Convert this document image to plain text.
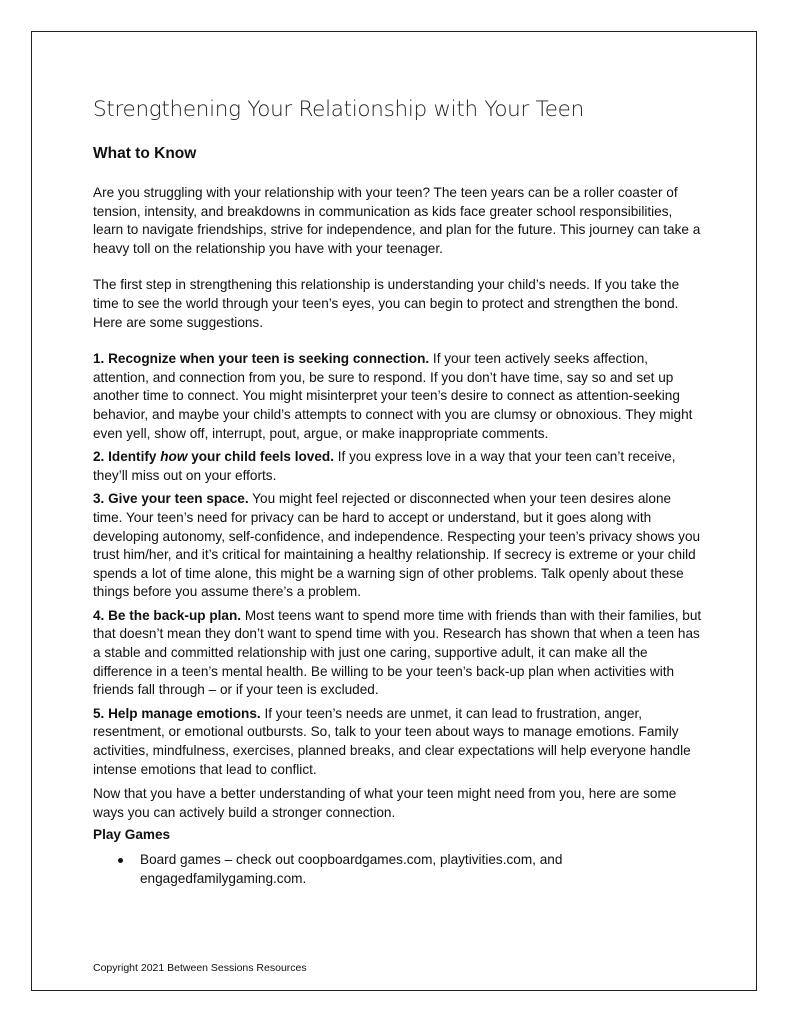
Strengthening Your Relationship with Your Teen
What to Know

Are you struggling with your relationship with your teen? The teen years can be a roller coaster of tension, intensity, and breakdowns in communication as kids face greater school responsibilities, learn to navigate friendships, strive for independence, and plan for the future. This journey can take a heavy toll on the relationship you have with your teenager.

The first step in strengthening this relationship is understanding your child’s needs. If you take the time to see the world through your teen’s eyes, you can begin to protect and strengthen the bond. Here are some suggestions.

1. Recognize when your teen is seeking connection. If your teen actively seeks affection, attention, and connection from you, be sure to respond. If you don’t have time, say so and set up another time to connect. You might misinterpret your teen’s desire to connect as attention-seeking behavior, and maybe your child’s attempts to connect with you are clumsy or obnoxious. They might even yell, show off, interrupt, pout, argue, or make inappropriate comments.

2. Identify how your child feels loved. If you express love in a way that your teen can’t receive, they’ll miss out on your efforts.

3. Give your teen space. You might feel rejected or disconnected when your teen desires alone time. Your teen’s need for privacy can be hard to accept or understand, but it goes along with developing autonomy, self-confidence, and independence. Respecting your teen’s privacy shows you trust him/her, and it’s critical for maintaining a healthy relationship. If secrecy is extreme or your child spends a lot of time alone, this might be a warning sign of other problems. Talk openly about these things before you assume there’s a problem.

4. Be the back-up plan. Most teens want to spend more time with friends than with their families, but that doesn’t mean they don’t want to spend time with you. Research has shown that when a teen has a stable and committed relationship with just one caring, supportive adult, it can make all the difference in a teen’s mental health. Be willing to be your teen’s back-up plan when activities with friends fall through – or if your teen is excluded.

5. Help manage emotions. If your teen’s needs are unmet, it can lead to frustration, anger, resentment, or emotional outbursts. So, talk to your teen about ways to manage emotions. Family activities, mindfulness, exercises, planned breaks, and clear expectations will help everyone handle intense emotions that lead to conflict.

Now that you have a better understanding of what your teen might need from you, here are some ways you can actively build a stronger connection.

Play Games
Board games – check out coopboardgames.com, playtivities.com, and engagedfamilygaming.com.
Copyright 2021 Between Sessions Resources
